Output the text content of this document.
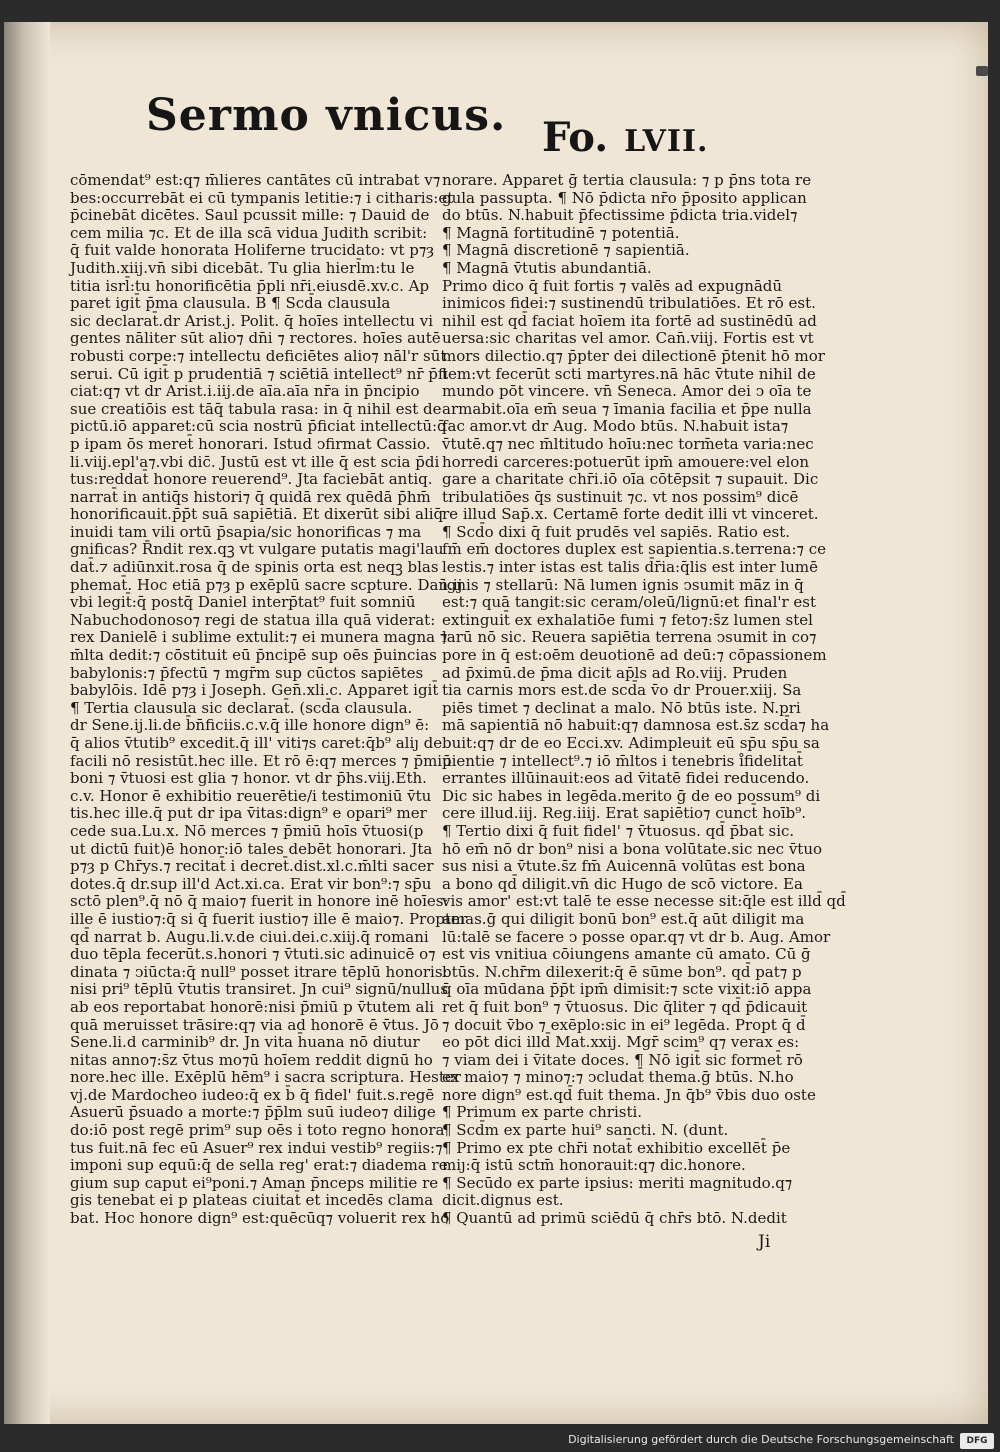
Sermo vnicus. Fo. LVII.
cōmendat⁹ est:q⁊ m̄lieres cantātes cū intrabat v⁊
bes:occurrebāt ei cū tympanis letitie:⁊ i citharis:et
p̄cinebāt dicētes. Saul pcussit mille: ⁊ Dauid de
cem milia ⁊c. Et de illa scā vidua Judith scribit:
q̄ fuit valde honorata Holiferne trucidato: vt p⁊ȝ
Judith.xiij.vn̄ sibi dicebāt. Tu glia hierl̄m:tu le
titia isrl̄:tu honorificētia p̄pli nr̄i.eiusdē.xv.c. Ap
paret igit̄ p̄ma clausula. B ¶ Scd̄a clausula
sic declarat̄.dr Arist.j. Polit. q̄ hoīes intellectu vi
gentes nāliter sūt alio⁊ dn̄i ⁊ rectores. hoīes autē
robusti corpe:⁊ intellectu deficiētes alio⁊ nāl'r sūt
serui. Cū igit̄ p prudentiā ⁊ sciētiā intellect⁹ nr̄ p̄fi
ciat:q⁊ vt dr Arist.i.iij.de aīa.aīa nr̄a in p̄ncipio
sue creatiōis est tāq̄ tabula rasa: in q̄ nihil est de
pictū.iō apparet:cū scia nostrū p̄ficiat intellectū:q̄
p ipam ōs meret̄ honorari. Istud ↄfirmat Cassio.
li.viij.epl'a⁊.vbi dic̄. Justū est vt ille q̄ est scia p̄di
tus:reddat̄ honore reuerend⁹. Jta faciebāt antiq.
narrat̄ in antiq̄s histori⁊ q̄ quidā rex quēdā p̄hm̄
honorificauit.p̄p̄t suā sapiētiā. Et dixerūt sibi aliq̄
inuidi tam vili ortū p̄sapia/sic honorificas ⁊ ma
gnificas? R̄ndit rex.qꝫ vt vulgare putatis magi'lau
dat̄.⁊ adiūnxit.rosa q̄ de spinis orta est neqꝫ blas
phemat̄. Hoc etiā p⁊ȝ p exēplū sacre scpture. Dan̄.ij
vbi legit̄:q̄ postq̄ Daniel interp̄tat⁹ fuit somniū
Nabuchodonoso⁊ regi de statua illa quā viderat:
rex Danielē i sublime extulit:⁊ ei munera magna ⁊
m̄lta dedit:⁊ cōstituit eū p̄ncipē sup oēs p̄uincias
babylonis:⁊ p̄fectū ⁊ mgr̄m sup cūctos sapiētes
babylōis. Idē p⁊ȝ i Joseph. Gen̄.xli.c. Apparet igit̄
¶ Tertia clausula sic declarat̄. (scd̄a clausula.
dr Sene.ij.li.de b̄n̄ficiis.c.v.q̄ ille honore dign⁹ ē:
q̄ alios v̄tutib⁹ excedit.q̄ ill' viti⁊s caret:q̄b⁹ aliȷ de
facili nō resistūt.hec ille. Et rō ē:q⁊ merces ⁊ p̄miū
boni ⁊ v̄tuosi est glia ⁊ honor. vt dr p̄hs.viij.Eth.
c.v. Honor ē exhibitio reuerētie/i testimoniū v̄tu
tis.hec ille.q̄ put dr ipa v̄itas:dign⁹ e opari⁹ mer
cede sua.Lu.x. Nō merces ⁊ p̄miū hoīs v̄tuosi(p
ut dictū fuit)ē honor:iō tales debēt honorari. Jta
p⁊ȝ p Chr̄ys.⁊ recitat̄ i decret̄.dist.xl.c.m̄lti sacer
dotes.q̄ dr.sup ill'd Act.xi.ca. Erat vir bon⁹:⁊ sp̄u
sctō plen⁹.q̄ nō q̄ maio⁊ fuerit in honore inē hoīes:
ille ē iustio⁊:q̄ si q̄ fuerit iustio⁊ ille ē maio⁊. Propter
qd̄ narrat b. Augu.li.v.de ciui.dei.c.xiij.q̄ romani
duo tēpla fecerūt.s.honori ⁊ v̄tuti.sic adinuicē o⁊
dinata ⁊ ↄiūcta:q̄ null⁹ posset itrare tēplū honoris:
nisi pri⁹ tēplū v̄tutis transiret. Jn cui⁹ signū/nullus
ab eos reportabat honorē:nisi p̄miū p v̄tutem ali
quā meruisset trāsire:q⁊ via ad honorē ē v̄tus. Jō
Sene.li.d carminib⁹ dr. Jn vita h̄uana nō diutur
nitas anno⁊:s̄z v̄tus mo⁊ū hoīem reddit dignū ho
nore.hec ille. Exēplū hēm⁹ i sacra scriptura. Hester
vj.de Mardocheo iudeo:q̄ ex b̄ q̄ fidel' fuit.s.regē
Asuerū p̄suado a morte:⁊ p̄p̄lm suū iudeo⁊ dilige
do:iō post regē prim⁹ sup oēs i toto regno honora
tus fuit.nā fec eū Asuer⁹ rex indui vestib⁹ regiis:⁊
imponi sup equū:q̄ de sella reg' erat:⁊ diadema re
gium sup caput ei⁹poni.⁊ Aman p̄nceps militie re
gis tenebat ei p plateas ciuitat̄ et incedēs clama
bat. Hoc honore dign⁹ est:quēcūq⁊ voluerit rex ho
norare. Apparet ḡ tertia clausula: ⁊ p p̄ns tota re
gula passupta. ¶ Nō p̄dicta nr̄o p̄posito applican
do btūs. N.habuit p̄fectissime p̄dicta tria.videl⁊
¶ Magnā fortitudinē ⁊ potentiā.
¶ Magnā discretionē ⁊ sapientiā.
¶ Magnā v̄tutis abundantiā.
Primo dico q̄ fuit fortis ⁊ valēs ad expugnādū
inimicos fidei:⁊ sustinendū tribulatiōes. Et rō est.
nihil est qd̄ faciat hoīem ita fortē ad sustinēdū ad
uersa:sic charitas vel amor. Can̄.viij. Fortis est vt
mors dilectio.q⁊ p̄pter dei dilectionē p̄tenit hō mor
tem:vt fecerūt scti martyres.nā hāc v̄tute nihil de
mundo pōt vincere. vn̄ Seneca. Amor dei ↄ oīa te
armabit.oīa em̄ seua ⁊ īmania facilia et p̄pe nulla
fac amor.vt dr Aug. Modo btūs. N.habuit ista⁊
v̄tutē.q⁊ nec m̄ltitudo hoīu:nec torm̄eta varia:nec
horredi carceres:potuerūt ipm̄ amouere:vel elon
gare a charitate chr̄i.iō oīa cōtēpsit ⁊ supauit. Dic
tribulatiōes q̄s sustinuit ⁊c. vt nos possim⁹ dicē
re illud Sap̄.x. Certamē forte dedit illi vt vinceret.
¶ Scd̄o dixi q̄ fuit prudēs vel sapiēs. Ratio est.
fm̄ em̄ doctores duplex est sapientia.s.terrena:⁊ ce
lestis.⁊ inter istas est talis d̄r̄ia:q̄lis est inter lumē
ignis ⁊ stellarū: Nā lumen ignis ↄsumit mā̄z in q̄
est:⁊ quā tangit:sic ceram/oleū/lignū:et final'r est
extinguit̄ ex exhalatiōe fumi ⁊ feto⁊:s̄z lumen stel
larū nō sic. Reuera sapiētia terrena ↄsumit in co⁊
pore in q̄ est:oēm deuotionē ad deū:⁊ cōpassionem
ad p̄ximū.de p̄ma dicit ap̄ls ad Ro.viij. Pruden
tia carnis mors est.de scd̄a v̄o dr Prouer.xiij. Sa
piēs timet ⁊ declinat a malo. Nō btūs iste. N.pri
mā sapientiā nō habuit:q⁊ damnosa est.s̄z scd̄a⁊ ha
buit:q⁊ dr de eo Ecci.xv. Adimpleuit eū sp̄u sp̄u sa
pientie ⁊ intellect⁹.⁊ iō m̄ltos i tenebris i̊fidelitat̄
errantes illūinauit:eos ad v̄itatē fidei reducendo.
Dic sic habes in legēda.merito ḡ de eo possum⁹ di
cere illud.iij. Reg.iiij. Erat sapiētio⁊ cunct̄ hoīb⁹.
¶ Tertio dixi q̄ fuit fidel' ⁊ v̄tuosus. qd̄ p̄bat sic.
hō em̄ nō dr bon⁹ nisi a bona volūtate.sic nec v̄tuo
sus nisi a v̄tute.s̄z fm̄ Auicennā volūtas est bona
a bono qd̄ diligit.vn̄ dic Hugo de scō victore. Ea
vis amor' est:vt talē te esse necesse sit:q̄le est illd̄ qd̄
amas.ḡ qui diligit bonū bon⁹ est.q̄ aūt diligit ma
lū:talē se facere ↄ posse opar.q⁊ vt dr b. Aug. Amor
est vis vnitiua cōiungens amante cū amato. Cū ḡ
btūs. N.chr̄m dilexerit:q̄ ē sūme bon⁹. qd̄ pat⁊ p
q̄ oīa mūdana p̄p̄t ipm̄ dimisit:⁊ scte vixit:iō appa
ret q̄ fuit bon⁹ ⁊ v̄tuosus. Dic q̄liter ⁊ qd̄ p̄dicauit
⁊ docuit v̄bo ⁊ exēplo:sic in ei⁹ legēda. Propt q̄ d̄
eo pōt dici illd̄ Mat.xxij. Mgr̄ scim⁹ q⁊ verax es:
⁊ viam dei i v̄itate doces. ¶ Nō igit̄ sic formet̄ rō
ex maio⁊ ⁊ mino⁊:⁊ ↄcludat̄ thema.ḡ btūs. N.ho
nore dign⁹ est.qd̄ fuit thema. Jn q̄b⁹ v̄bis duo oste
¶ Primum ex parte christi.
¶ Scd̄m ex parte hui⁹ sancti. N. (dunt.
¶ Primo ex pte chr̄i notat̄ exhibitio excellēt̄ p̄e
miȷ:q̄ istū sctm̄ honorauit:q⁊ dic.honore.
¶ Secūdo ex parte ipsius: meriti magnitudo.q⁊
dicit.dignus est.
¶ Quantū ad primū sciēdū q̄ chr̄s btō. N.dedit
Ji
Digitalisierung gefördert durch die Deutsche Forschungsgemeinschaft	DFG
